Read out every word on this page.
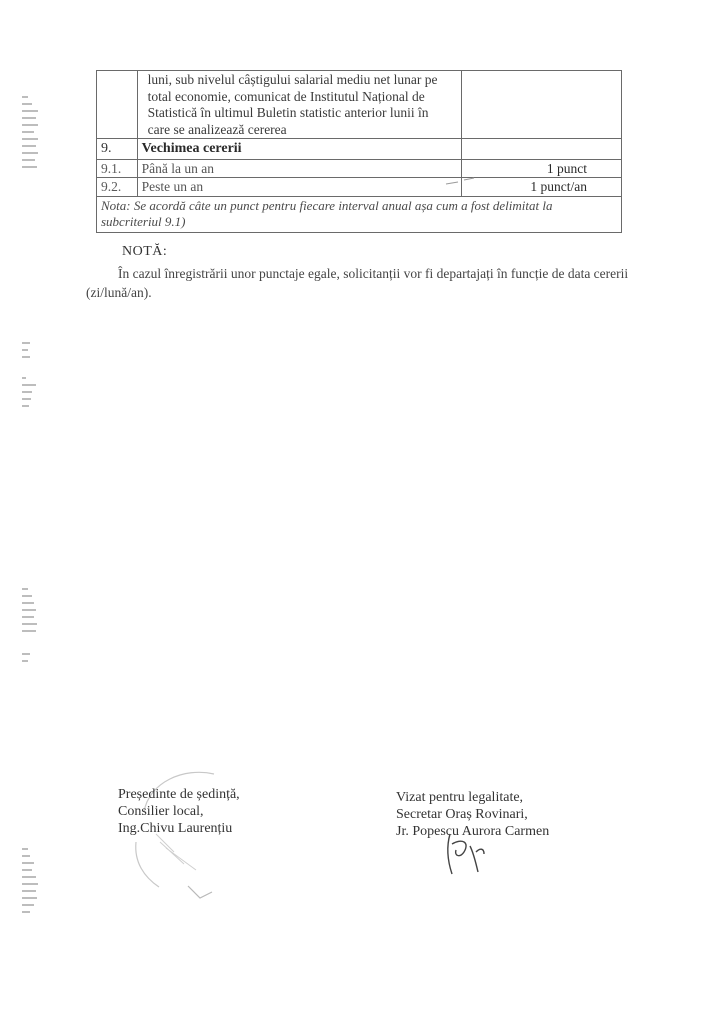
	luni, sub nivelul câștigului salarial mediu net lunar pe
total economie, comunicat de Institutul Național de
Statistică în ultimul Buletin statistic anterior lunii în
care se analizează cererea	

9.	Vechimea cererii	
9.1.	Până la un an	1 punct
9.2.	Peste un an	1 punct/an

Nota: Se acordă câte un punct pentru fiecare interval anual așa cum a fost delimitat la
subcriteriul 9.1)		
NOTĂ:
În cazul înregistrării unor punctaje egale, solicitanții vor fi departajați în funcție de data cererii (zi/lună/an).
Președinte de ședință,
Consilier local,
Ing.Chivu Laurențiu
Vizat pentru legalitate,
Secretar Oraș Rovinari,
Jr. Popescu Aurora Carmen
